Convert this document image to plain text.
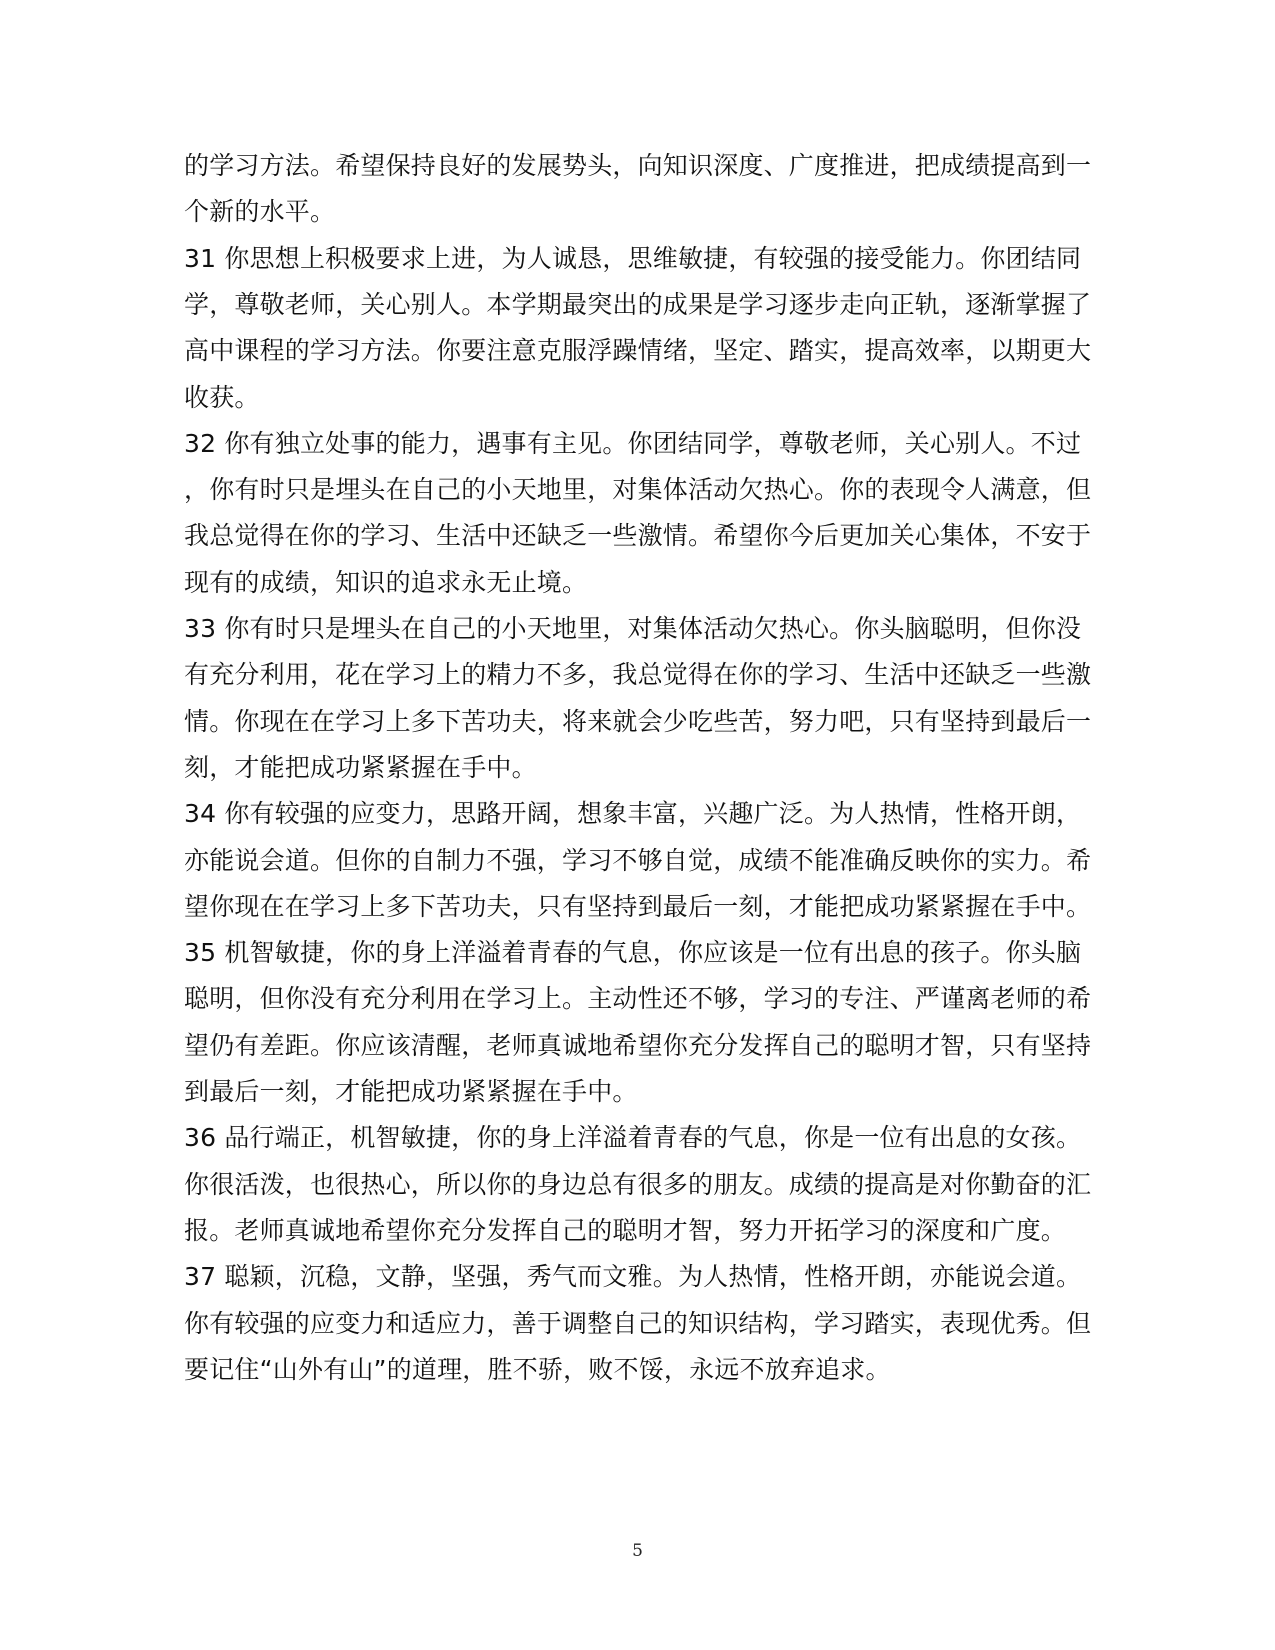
的学习方法。希望保持良好的发展势头，向知识深度、广度推进，把成绩提高到一
个新的水平。
31 你思想上积极要求上进，为人诚恳，思维敏捷，有较强的接受能力。你团结同
学，尊敬老师，关心别人。本学期最突出的成果是学习逐步走向正轨，逐渐掌握了
高中课程的学习方法。你要注意克服浮躁情绪，坚定、踏实，提高效率，以期更大
收获。
32 你有独立处事的能力，遇事有主见。你团结同学，尊敬老师，关心别人。不过
，你有时只是埋头在自己的小天地里，对集体活动欠热心。你的表现令人满意，但
我总觉得在你的学习、生活中还缺乏一些激情。希望你今后更加关心集体，不安于
现有的成绩，知识的追求永无止境。
33 你有时只是埋头在自己的小天地里，对集体活动欠热心。你头脑聪明，但你没
有充分利用，花在学习上的精力不多，我总觉得在你的学习、生活中还缺乏一些激
情。你现在在学习上多下苦功夫，将来就会少吃些苦，努力吧，只有坚持到最后一
刻，才能把成功紧紧握在手中。
34 你有较强的应变力，思路开阔，想象丰富，兴趣广泛。为人热情，性格开朗，
亦能说会道。但你的自制力不强，学习不够自觉，成绩不能准确反映你的实力。希
望你现在在学习上多下苦功夫，只有坚持到最后一刻，才能把成功紧紧握在手中。
35 机智敏捷，你的身上洋溢着青春的气息，你应该是一位有出息的孩子。你头脑
聪明，但你没有充分利用在学习上。主动性还不够，学习的专注、严谨离老师的希
望仍有差距。你应该清醒，老师真诚地希望你充分发挥自己的聪明才智，只有坚持
到最后一刻，才能把成功紧紧握在手中。
36 品行端正，机智敏捷，你的身上洋溢着青春的气息，你是一位有出息的女孩。
你很活泼，也很热心，所以你的身边总有很多的朋友。成绩的提高是对你勤奋的汇
报。老师真诚地希望你充分发挥自己的聪明才智，努力开拓学习的深度和广度。
37 聪颖，沉稳，文静，坚强，秀气而文雅。为人热情，性格开朗，亦能说会道。
你有较强的应变力和适应力，善于调整自己的知识结构，学习踏实，表现优秀。但
要记住“山外有山”的道理，胜不骄，败不馁，永远不放弃追求。
5
